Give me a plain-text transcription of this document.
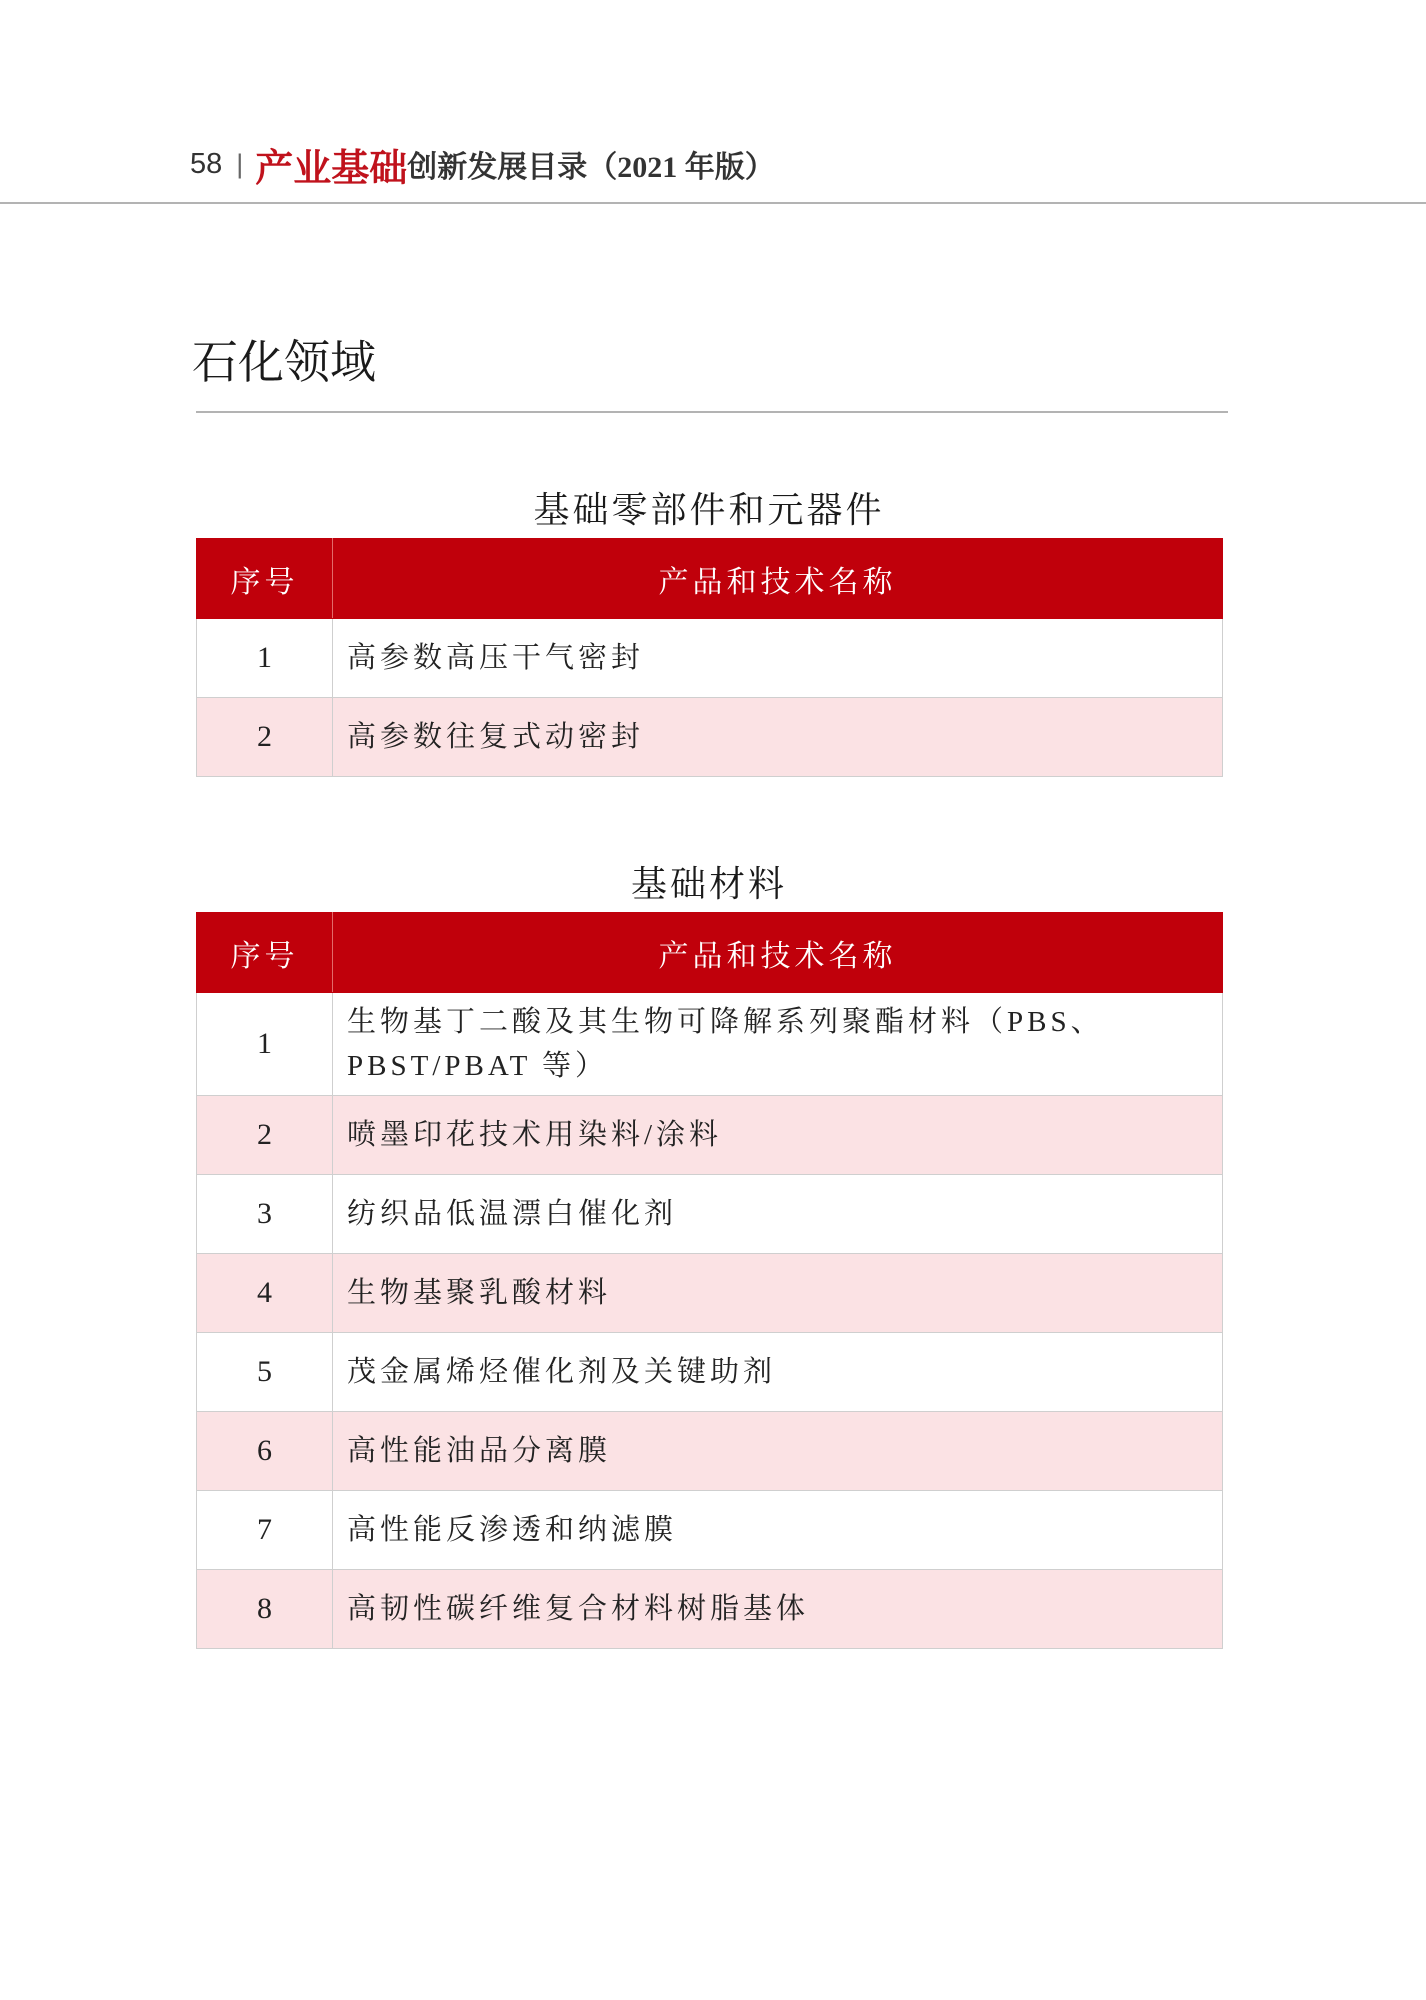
58 | 产业基础 创新发展目录（2021 年版）
石化领域
基础零部件和元器件
序号	产品和技术名称
1	高参数高压干气密封
2	高参数往复式动密封
基础材料
序号	产品和技术名称
1	生物基丁二酸及其生物可降解系列聚酯材料（PBS、PBST/PBAT 等）
2	喷墨印花技术用染料/涂料
3	纺织品低温漂白催化剂
4	生物基聚乳酸材料
5	茂金属烯烃催化剂及关键助剂
6	高性能油品分离膜
7	高性能反渗透和纳滤膜
8	高韧性碳纤维复合材料树脂基体
